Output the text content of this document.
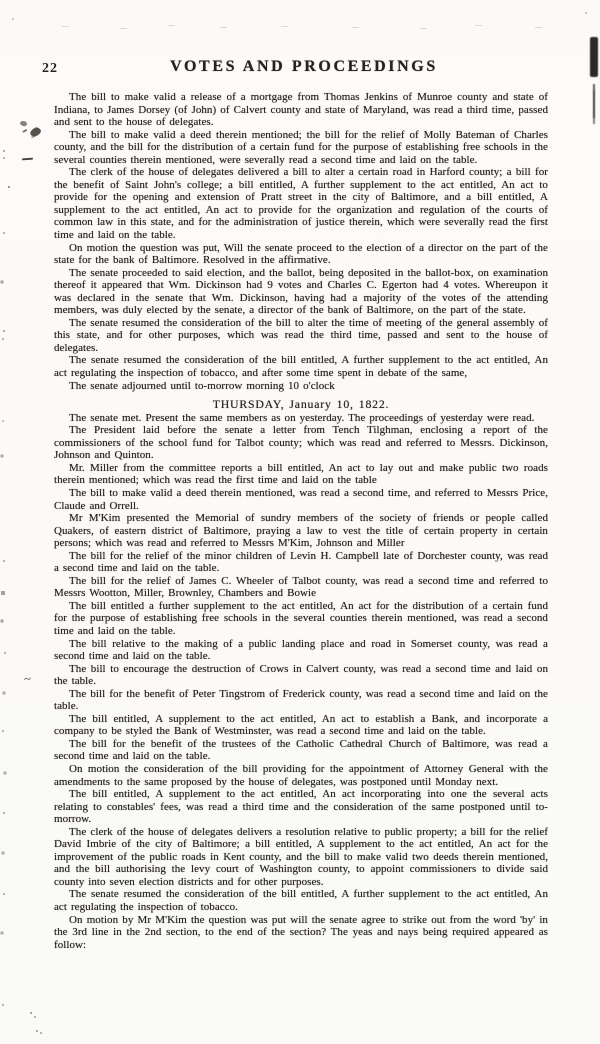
22	VOTES AND PROCEEDINGS
~

The bill to make valid a release of a mortgage from Thomas Jenkins of Munroe county and state of Indiana, to James Dorsey (of John) of Calvert county and state of Maryland, was read a third time, passed and sent to the house of delegates.

The bill to make valid a deed therein mentioned; the bill for the relief of Molly Bateman of Charles county, and the bill for the distribution of a certain fund for the purpose of establishing free schools in the several counties therein mentioned, were severally read a second time and laid on the table.

The clerk of the house of delegates delivered a bill to alter a certain road in Harford county; a bill for the benefit of Saint John's college; a bill entitled, A further supplement to the act entitled, An act to provide for the opening and extension of Pratt street in the city of Baltimore, and a bill entitled, A supplement to the act entitled, An act to provide for the organization and regulation of the courts of common law in this state, and for the administration of justice therein, which were severally read the first time and laid on the table.

On motion the question was put, Will the senate proceed to the election of a director on the part of the state for the bank of Baltimore. Resolved in the affirmative.

The senate proceeded to said election, and the ballot, being deposited in the ballot-box, on examination thereof it appeared that Wm. Dickinson had 9 votes and Charles C. Egerton had 4 votes. Whereupon it was declared in the senate that Wm. Dickinson, having had a majority of the votes of the attending members, was duly elected by the senate, a director of the bank of Baltimore, on the part of the state.

The senate resumed the consideration of the bill to alter the time of meeting of the general assembly of this state, and for other purposes, which was read the third time, passed and sent to the house of delegates.

The senate resumed the consideration of the bill entitled, A further supplement to the act entitled, An act regulating the inspection of tobacco, and after some time spent in debate of the same,

The senate adjourned until to-morrow morning 10 o'clock

THURSDAY, January 10, 1822.

The senate met. Present the same members as on yesterday. The proceedings of yesterday were read.

The President laid before the senate a letter from Tench Tilghman, enclosing a report of the commissioners of the school fund for Talbot county; which was read and referred to Messrs. Dickinson, Johnson and Quinton.

Mr. Miller from the committee reports a bill entitled, An act to lay out and make public two roads therein mentioned; which was read the first time and laid on the table

The bill to make valid a deed therein mentioned, was read a second time, and referred to Messrs Price, Claude and Orrell.

Mr M'Kim presented the Memorial of sundry members of the society of friends or people called Quakers, of eastern district of Baltimore, praying a law to vest the title of certain property in certain persons; which was read and referred to Messrs M'Kim, Johnson and Miller

The bill for the relief of the minor children of Levin H. Campbell late of Dorchester county, was read a second time and laid on the table.

The bill for the relief of James C. Wheeler of Talbot county, was read a second time and referred to Messrs Wootton, Miller, Brownley, Chambers and Bowie

The bill entitled a further supplement to the act entitled, An act for the distribution of a certain fund for the purpose of establishing free schools in the several counties therein mentioned, was read a second time and laid on the table.

The bill relative to the making of a public landing place and road in Somerset county, was read a second time and laid on the table.

The bill to encourage the destruction of Crows in Calvert county, was read a second time and laid on the table.

The bill for the benefit of Peter Tingstrom of Frederick county, was read a second time and laid on the table.

The bill entitled, A supplement to the act entitled, An act to establish a Bank, and incorporate a company to be styled the Bank of Westminster, was read a second time and laid on the table.

The bill for the benefit of the trustees of the Catholic Cathedral Church of Baltimore, was read a second time and laid on the table.

On motion the consideration of the bill providing for the appointment of Attorney General with the amendments to the same proposed by the house of delegates, was postponed until Monday next.

The bill entitled, A supplement to the act entitled, An act incorporating into one the several acts relating to constables' fees, was read a third time and the consideration of the same postponed until to-morrow.

The clerk of the house of delegates delivers a resolution relative to public property; a bill for the relief David Imbrie of the city of Baltimore; a bill entitled, A supplement to the act entitled, An act for the improvement of the public roads in Kent county, and the bill to make valid two deeds therein mentioned, and the bill authorising the levy court of Washington county, to appoint commissioners to divide said county into seven election districts and for other purposes.

The senate resumed the consideration of the bill entitled, A further supplement to the act entitled, An act regulating the inspection of tobacco.

On motion by Mr M'Kim the question was put will the senate agree to strike out from the word 'by' in the 3rd line in the 2nd section, to the end of the section? The yeas and nays being required appeared as follow:
